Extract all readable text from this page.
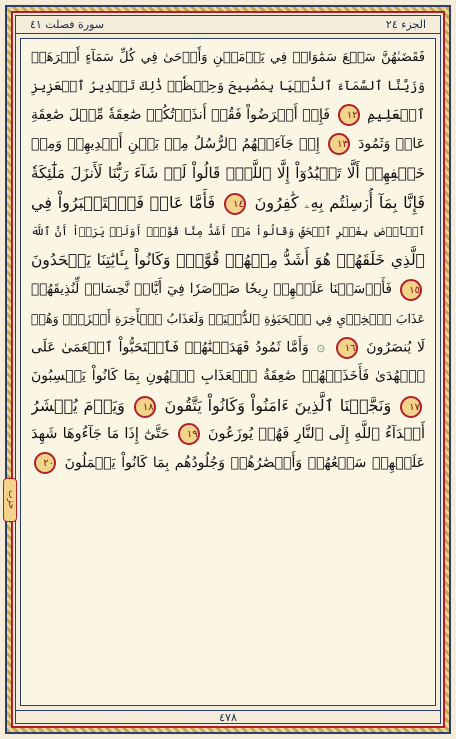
الجزء ٢٤
سورة فصلت ٤١
حزب
فَقَضَىٰهُنَّ سَبۡعَ سَمَٰوَاتٖ فِي يَوۡمَيۡنِ وَأَوۡحَىٰ فِي كُلِّ سَمَآءٍ أَمۡرَهَاۚ
وَزَيَّنَّا ٱلسَّمَآءَ ٱلدُّنۡيَا بِمَصَٰبِيحَ وَحِفۡظٗاۚ ذَٰلِكَ تَقۡدِيرُ ٱلۡعَزِيزِ
ٱلۡعَلِيمِ ١٢ فَإِنۡ أَعۡرَضُواْ فَقُلۡ أَنذَرۡتُكُمۡ صَٰعِقَةٗ مِّثۡلَ صَٰعِقَةِ
عَادٖ وَثَمُودَ ١٣ إِذۡ جَآءَتۡهُمُ ٱلرُّسُلُ مِنۢ بَيۡنِ أَيۡدِيهِمۡ وَمِنۡ
خَلۡفِهِمۡ أَلَّا تَعۡبُدُوٓاْ إِلَّا ٱللَّهَۖ قَالُواْ لَوۡ شَآءَ رَبُّنَا لَأَنزَلَ مَلَٰٓئِكَةٗ
فَإِنَّا بِمَآ أُرۡسِلۡتُم بِهِۦ كَٰفِرُونَ ١٤ فَأَمَّا عَادٞ فَٱسۡتَكۡبَرُواْ فِي
ٱلۡأَرۡضِ بِغَيۡرِ ٱلۡحَقِّ وَقَالُواْ مَنۡ أَشَدُّ مِنَّا قُوَّةًۖ أَوَلَمۡ يَرَوۡاْ أَنَّ ٱللَّهَ
ٱلَّذِي خَلَقَهُمۡ هُوَ أَشَدُّ مِنۡهُمۡ قُوَّةٗۖ وَكَانُواْ بِـَٔايَٰتِنَا يَجۡحَدُونَ
١٥ فَأَرۡسَلۡنَا عَلَيۡهِمۡ رِيحٗا صَرۡصَرٗا فِيٓ أَيَّامٖ نَّحِسَاتٖ لِّنُذِيقَهُمۡ
عَذَابَ ٱلۡخِزۡيِ فِي ٱلۡحَيَوٰةِ ٱلدُّنۡيَاۖ وَلَعَذَابُ ٱلۡأٓخِرَةِ أَخۡزَىٰۖ وَهُمۡ
لَا يُنصَرُونَ ١٦ ۞ وَأَمَّا ثَمُودُ فَهَدَيۡنَٰهُمۡ فَٱسۡتَحَبُّواْ ٱلۡعَمَىٰ عَلَى
ٱلۡهُدَىٰ فَأَخَذَتۡهُمۡ صَٰعِقَةُ ٱلۡعَذَابِ ٱلۡهُونِ بِمَا كَانُواْ يَكۡسِبُونَ
١٧ وَنَجَّيۡنَا ٱلَّذِينَ ءَامَنُواْ وَكَانُواْ يَتَّقُونَ ١٨ وَيَوۡمَ يُحۡشَرُ
أَعۡدَآءُ ٱللَّهِ إِلَى ٱلنَّارِ فَهُمۡ يُوزَعُونَ ١٩ حَتَّىٰٓ إِذَا مَا جَآءُوهَا شَهِدَ
عَلَيۡهِمۡ سَمۡعُهُمۡ وَأَبۡصَٰرُهُمۡ وَجُلُودُهُم بِمَا كَانُواْ يَعۡمَلُونَ ٢٠
٤٧٨
